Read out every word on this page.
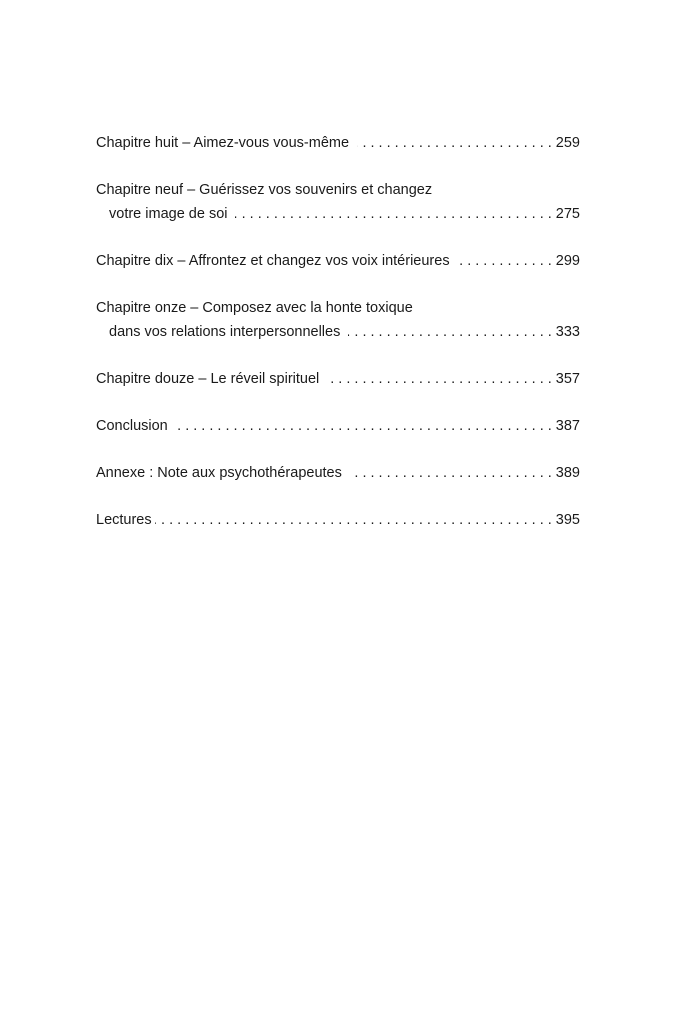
Chapitre huit – Aimez-vous vous-même . . .	259
Chapitre neuf – Guérissez vos souvenirs et changez
votre image de soi . . .	275
Chapitre dix – Affrontez et changez vos voix intérieures . . .	299
Chapitre onze – Composez avec la honte toxique
dans vos relations interpersonnelles . . .	333
Chapitre douze – Le réveil spirituel . . .	357
Conclusion . . .	387
Annexe : Note aux psychothérapeutes . . .	389
Lectures . . .	395
